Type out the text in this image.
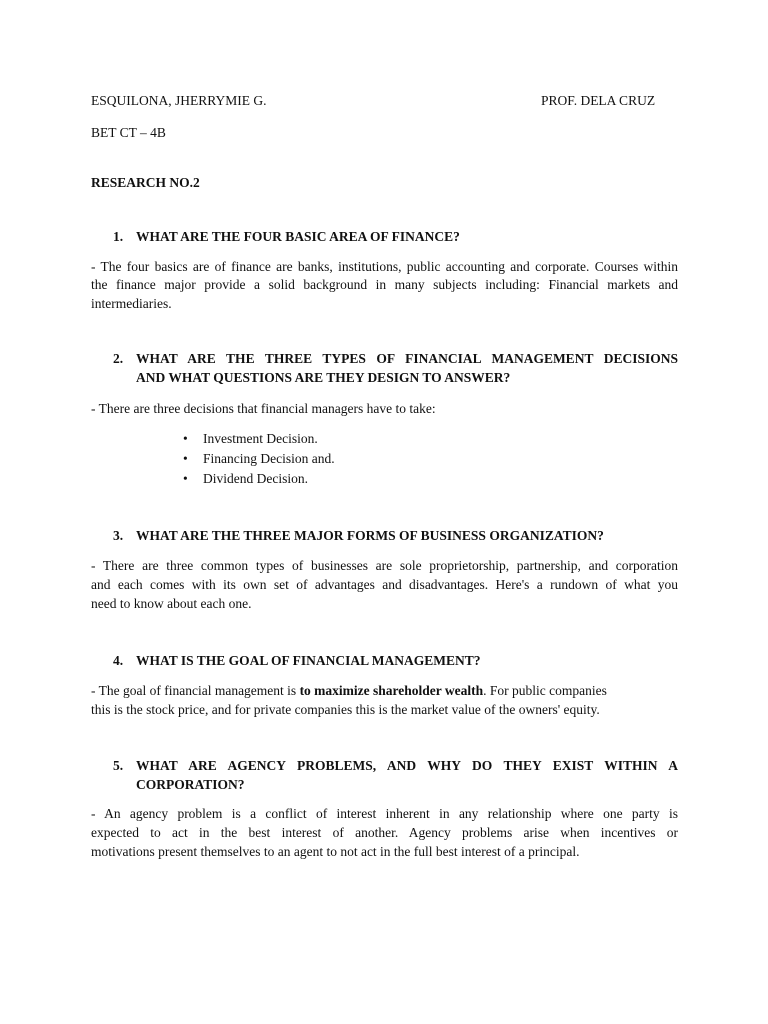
ESQUILONA, JHERRYMIE G.	PROF. DELA CRUZ
BET CT – 4B
RESEARCH NO.2
1. WHAT ARE THE FOUR BASIC AREA OF FINANCE?
- The four basics are of finance are banks, institutions, public accounting and corporate. Courses within
the finance major provide a solid background in many subjects including: Financial markets and
intermediaries.
2. WHAT ARE THE THREE TYPES OF FINANCIAL MANAGEMENT DECISIONS
AND WHAT QUESTIONS ARE THEY DESIGN TO ANSWER?
- There are three decisions that financial managers have to take:
• Investment Decision.
• Financing Decision and.
• Dividend Decision.
3. WHAT ARE THE THREE MAJOR FORMS OF BUSINESS ORGANIZATION?
- There are three common types of businesses are sole proprietorship, partnership, and corporation
and each comes with its own set of advantages and disadvantages. Here's a rundown of what you
need to know about each one.
4. WHAT IS THE GOAL OF FINANCIAL MANAGEMENT?
- The goal of financial management is to maximize shareholder wealth. For public companies
this is the stock price, and for private companies this is the market value of the owners' equity.
5. WHAT ARE AGENCY PROBLEMS, AND WHY DO THEY EXIST WITHIN A
CORPORATION?
- An agency problem is a conflict of interest inherent in any relationship where one party is
expected to act in the best interest of another. Agency problems arise when incentives or
motivations present themselves to an agent to not act in the full best interest of a principal.
